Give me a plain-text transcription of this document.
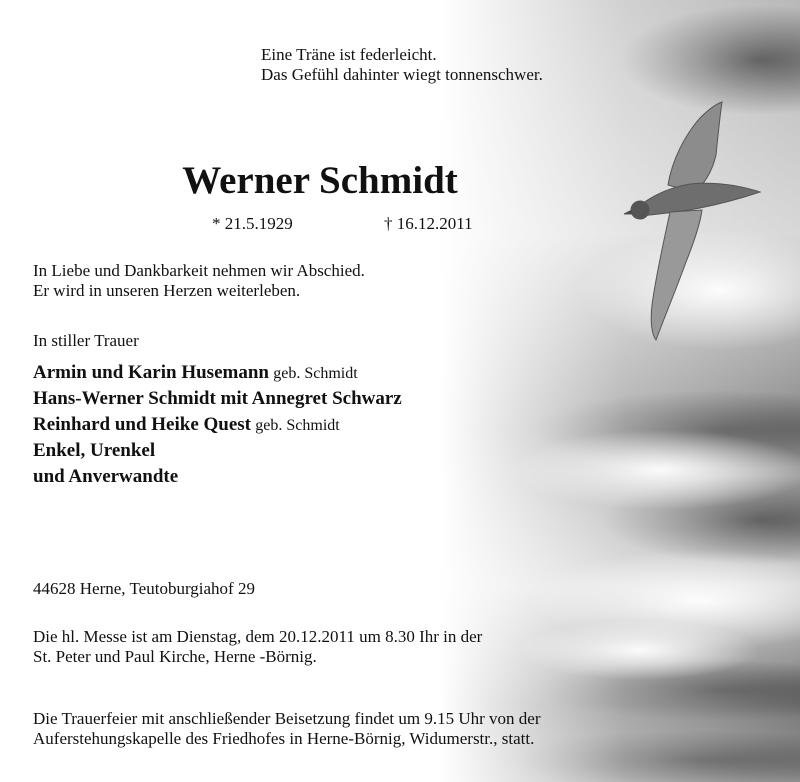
Eine Träne ist federleicht.
Das Gefühl dahinter wiegt tonnenschwer.
Werner Schmidt
* 21.5.1929	† 16.12.2011
In Liebe und Dankbarkeit nehmen wir Abschied.
Er wird in unseren Herzen weiterleben.
In stiller Trauer
Armin und Karin Husemann geb. Schmidt
Hans-Werner Schmidt mit Annegret Schwarz
Reinhard und Heike Quest geb. Schmidt
Enkel, Urenkel
und Anverwandte
44628 Herne, Teutoburgiahof 29
Die hl. Messe ist am Dienstag, dem 20.12.2011 um 8.30 Ihr in der
St. Peter und Paul Kirche, Herne -Börnig.
Die Trauerfeier mit anschließender Beisetzung findet um 9.15 Uhr von der
Auferstehungskapelle des Friedhofes in Herne-Börnig, Widumerstr., statt.
